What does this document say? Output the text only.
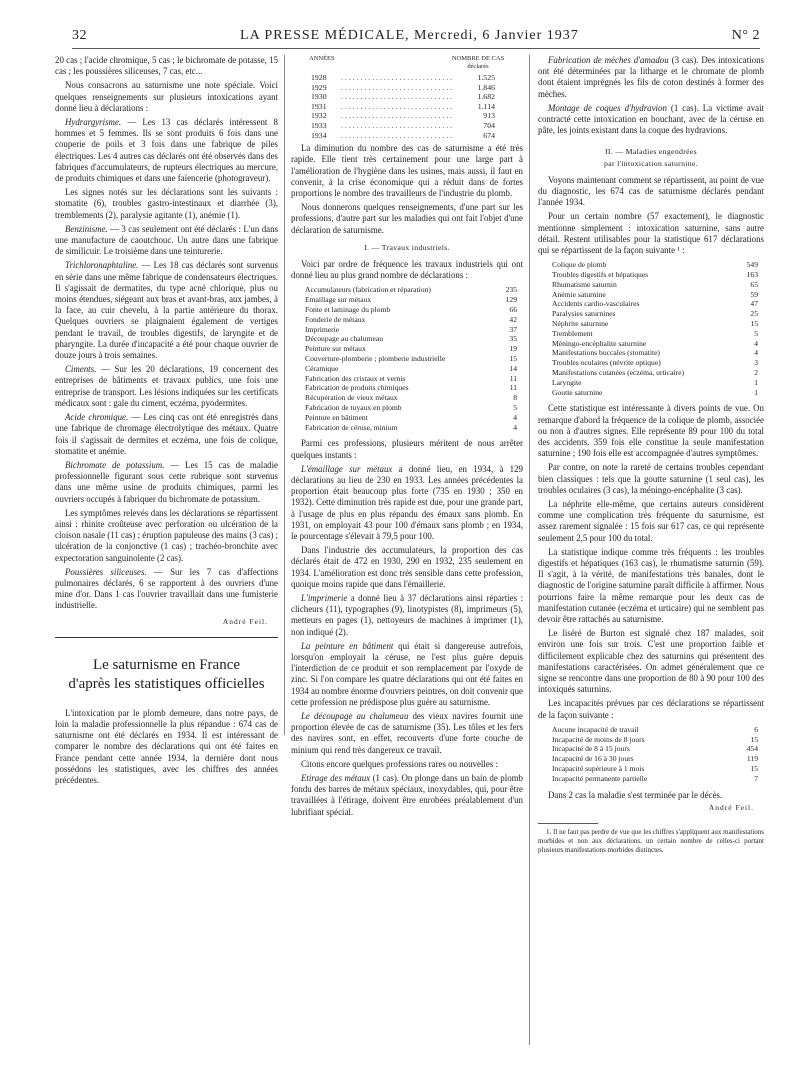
32	LA PRESSE MÉDICALE, Mercredi, 6 Janvier 1937	N° 2

20 cas ; l'acide chromique, 5 cas ; le bichromate de potasse, 15 cas ; les poussières siliceuses, 7 cas, etc...

Nous consacrons au saturnisme une note spéciale. Voici quelques renseignements sur plusieurs intoxications ayant donné lieu à déclarations :

Hydrargyrisme. — Les 13 cas déclarés intéressent 8 hommes et 5 femmes. Ils se sont produits 6 fois dans une couperie de poils et 3 fois dans une fabrique de piles électriques. Les 4 autres cas déclarés ont été observés dans des fabriques d'accumulateurs, de rupteurs électriques au mercure, de produits chimiques et dans une faïencerie (photograveur).

Les signes notés sur les déclarations sont les suivants : stomatite (6), troubles gastro-intestinaux et diarrhée (3), tremblements (2), paralysie agitante (1), anémie (1).

Benzinisme. — 3 cas seulement ont été déclarés : L'un dans une manufacture de caoutchouc. Un autre dans une fabrique de similicuir. Le troisième dans une teinturerie.

Trichloronaphtaline. — Les 18 cas déclarés sont survenus en série dans une même fabrique de condensateurs électriques. Il s'agissait de dermatites, du type acné chlorique, plus ou moins étendues, siégeant aux bras et avant-bras, aux jambes, à la face, au cuir chevelu, à la partie antérieure du thorax. Quelques ouvriers se plaignaient également de vertiges pendant le travail, de troubles digestifs, de laryngite et de pharyngite. La durée d'incapacité a été pour chaque ouvrier de douze jours à trois semaines.

Ciments. — Sur les 20 déclarations, 19 concernent des entreprises de bâtiments et travaux publics, une fois une entreprise de transport. Les lésions indiquées sur les certificats médicaux sont : gale du ciment, eczéma, pyodermites.

Acide chromique. — Les cinq cas ont été enregistrés dans une fabrique de chromage électrolytique des métaux. Quatre fois il s'agissait de dermites et eczéma, une fois de colique, stomatite et anémie.

Bichromate de potassium. — Les 15 cas de maladie professionnelle figurant sous cette rubrique sont survenus dans une même usine de produits chimiques, parmi les ouvriers occupés à fabriquer du bichromate de potassium.

Les symptômes relevés dans les déclarations se répartissent ainsi : rhinite croûteuse avec perforation ou ulcération de la cloison nasale (11 cas) ; éruption papuleuse des mains (3 cas) ; ulcération de la conjonctive (1 cas) ; trachéo-bronchite avec expectoration sanguinolente (2 cas).

Poussières siliceuses. — Sur les 7 cas d'affections pulmonaires déclarés, 6 se rapportent à des ouvriers d'une mine d'or. Dans 1 cas l'ouvrier travaillait dans une fumisterie industrielle.

André Feil.
Le saturnisme en France
d'après les statistiques officielles

L'intoxication par le plomb demeure, dans notre pays, de loin la maladie professionnelle la plus répandue : 674 cas de saturnisme ont été déclarés en 1934. Il est intéressant de comparer le nombre des déclarations qui ont été faites en France pendant cette année 1934, la dernière dont nous possédons les statistiques, avec les chiffres des années précédentes.

ANNÉES	NOMBRE DE CAS déclarés
1928	. . . . . . . . . . . . . . . . . . . . . . . . . . . . .	1.525
1929	. . . . . . . . . . . . . . . . . . . . . . . . . . . . .	1.846
1930	. . . . . . . . . . . . . . . . . . . . . . . . . . . . .	1.682
1931	. . . . . . . . . . . . . . . . . . . . . . . . . . . . .	1.114
1932	. . . . . . . . . . . . . . . . . . . . . . . . . . . . .	913
1933	. . . . . . . . . . . . . . . . . . . . . . . . . . . . .	704
1934	. . . . . . . . . . . . . . . . . . . . . . . . . . . . .	674

La diminution du nombre des cas de saturnisme a été très rapide. Elle tient très certainement pour une large part à l'amélioration de l'hygiène dans les usines, mais aussi, il faut en convenir, à la crise économique qui a réduit dans de fortes proportions le nombre des travailleurs de l'industrie du plomb.

Nous donnerons quelques renseignements, d'une part sur les professions, d'autre part sur les maladies qui ont fait l'objet d'une déclaration de saturnisme.

I. — Travaux industriels.

Voici par ordre de fréquence les travaux industriels qui ont donné lieu au plus grand nombre de déclarations :

Accumulateurs (fabrication et réparation)	235
Emaillage sur métaux	129
Fonte et laminage du plomb	66
Fonderie de métaux	42
Imprimerie	37
Découpage au chalumeau	35
Peinture sur métaux	19
Couverture-plomberie ; plomberie industrielle	15
Céramique	14
Fabrication des cristaux et vernis	11
Fabrication de produits chimiques	11
Récupération de vieux métaux	8
Fabrication de tuyaux en plomb	5
Peinture en bâtiment	4
Fabrication de céruse, minium	4

Parmi ces professions, plusieurs méritent de nous arrêter quelques instants :

L'émaillage sur métaux a donné lieu, en 1934, à 129 déclarations au lieu de 230 en 1933. Les années précédentes la proportion était beaucoup plus forte (735 en 1930 ; 350 en 1932). Cette diminution très rapide est due, pour une grande part, à l'usage de plus en plus répandu des émaux sans plomb. En 1931, on employait 43 pour 100 d'émaux sans plomb ; en 1934, le pourcentage s'élevait à 79,5 pour 100.

Dans l'industrie des accumulateurs, la proportion des cas déclarés était de 472 en 1930, 290 en 1932, 235 seulement en 1934. L'amélioration est donc très sensible dans cette profession, quoique moins rapide que dans l'émaillerie.

L'imprimerie a donné lieu à 37 déclarations ainsi réparties : clicheurs (11), typographes (9), linotypistes (8), imprimeurs (5), metteurs en pages (1), nettoyeurs de machines à imprimer (1), non indiqué (2).

La peinture en bâtiment qui était si dangereuse autrefois, lorsqu'on employait la céruse, ne l'est plus guère depuis l'interdiction de ce produit et son remplacement par l'oxyde de zinc. Si l'on compare les quatre déclarations qui ont été faites en 1934 au nombre énorme d'ouvriers peintres, on doit convenir que cette profession ne prédispose plus guère au saturnisme.

Le découpage au chalumeau des vieux navires fournit une proportion élevée de cas de saturnisme (35). Les tôles et les fers des navires sont, en effet, recouverts d'une forte couche de minium qui rend très dangereux ce travail.

Citons encore quelques professions rares ou nouvelles :

Etirage des métaux (1 cas). On plonge dans un bain de plomb fondu des barres de métaux spéciaux, inoxydables, qui, pour être travaillées à l'étirage, doivent être enrobées préalablement d'un lubrifiant spécial.

Fabrication de mèches d'amadou (3 cas). Des intoxications ont été déterminées par la litharge et le chromate de plomb dont étaient imprégnés les fils de coton destinés à former des mèches.

Montage de coques d'hydravion (1 cas). La victime avait contracté cette intoxication en bouchant, avec de la céruse en pâte, les joints existant dans la coque des hydravions.

II. — Maladies engendrées
par l'intoxication saturnine.

Voyons maintenant comment se répartissent, au point de vue du diagnostic, les 674 cas de saturnisme déclarés pendant l'année 1934.

Pour un certain nombre (57 exactement), le diagnostic mentionne simplement : intoxication saturnine, sans autre détail. Restent utilisables pour la statistique 617 déclarations qui se répartissent de la façon suivante ¹ :

Colique de plomb	549
Troubles digestifs et hépatiques	163
Rhumatisme saturnin	65
Anémie saturnine	59
Accidents cardio-vasculaires	47
Paralysies saturnines	25
Néphrite saturnine	15
Tremblement	5
Méningo-encéphalite saturnine	4
Manifestations buccales (stomatite)	4
Troubles oculaires (névrite optique)	3
Manifestations cutanées (eczéma, urticaire)	2
Laryngite	1
Goutte saturnine	1

Cette statistique est intéressante à divers points de vue. On remarque d'abord la fréquence de la colique de plomb, associée ou non à d'autres signes. Elle représente 89 pour 100 du total des accidents. 359 fois elle constitue la seule manifestation saturnine ; 190 fois elle est accompagnée d'autres symptômes.

Par contre, on note la rareté de certains troubles cependant bien classiques : tels que la goutte saturnine (1 seul cas), les troubles oculaires (3 cas), la méningo-encéphalite (3 cas).

La néphrite elle-même, que certains auteurs considèrent comme une complication très fréquente du saturnisme, est assez rarement signalée : 15 fois sur 617 cas, ce qui représente seulement 2,5 pour 100 du total.

La statistique indique comme très fréquents : les troubles digestifs et hépatiques (163 cas), le rhumatisme saturnin (59). Il s'agit, à la vérité, de manifestations très banales, dont le diagnostic de l'origine saturnine paraît difficile à affirmer. Nous pourrions faire la même remarque pour les deux cas de manifestation cutanée (eczéma et urticaire) qui ne semblent pas devoir être rattachés au saturnisme.

Le liséré de Burton est signalé chez 187 malades, soit environ une fois sur trois. C'est une proportion faible et difficilement explicable chez des saturnins qui présentent des manifestations caractérisées. On admet généralement que ce signe se rencontre dans une proportion de 80 à 90 pour 100 des intoxiqués saturnins.

Les incapacités prévues par ces déclarations se répartissent de la façon suivante :

Aucune incapacité de travail	6
Incapacité de moins de 8 jours	15
Incapacité de 8 à 15 jours	454
Incapacité de 16 à 30 jours	119
Incapacité supérieure à 1 mois	15
Incapacité permanente partielle	7

Dans 2 cas la maladie s'est terminée par le décès.

André Feil.
1. Il ne faut pas perdre de vue que les chiffres s'appliquent aux manifestations morbides et non aux déclarations, un certain nombre de celles-ci portant plusieurs manifestations morbides distinctes.
